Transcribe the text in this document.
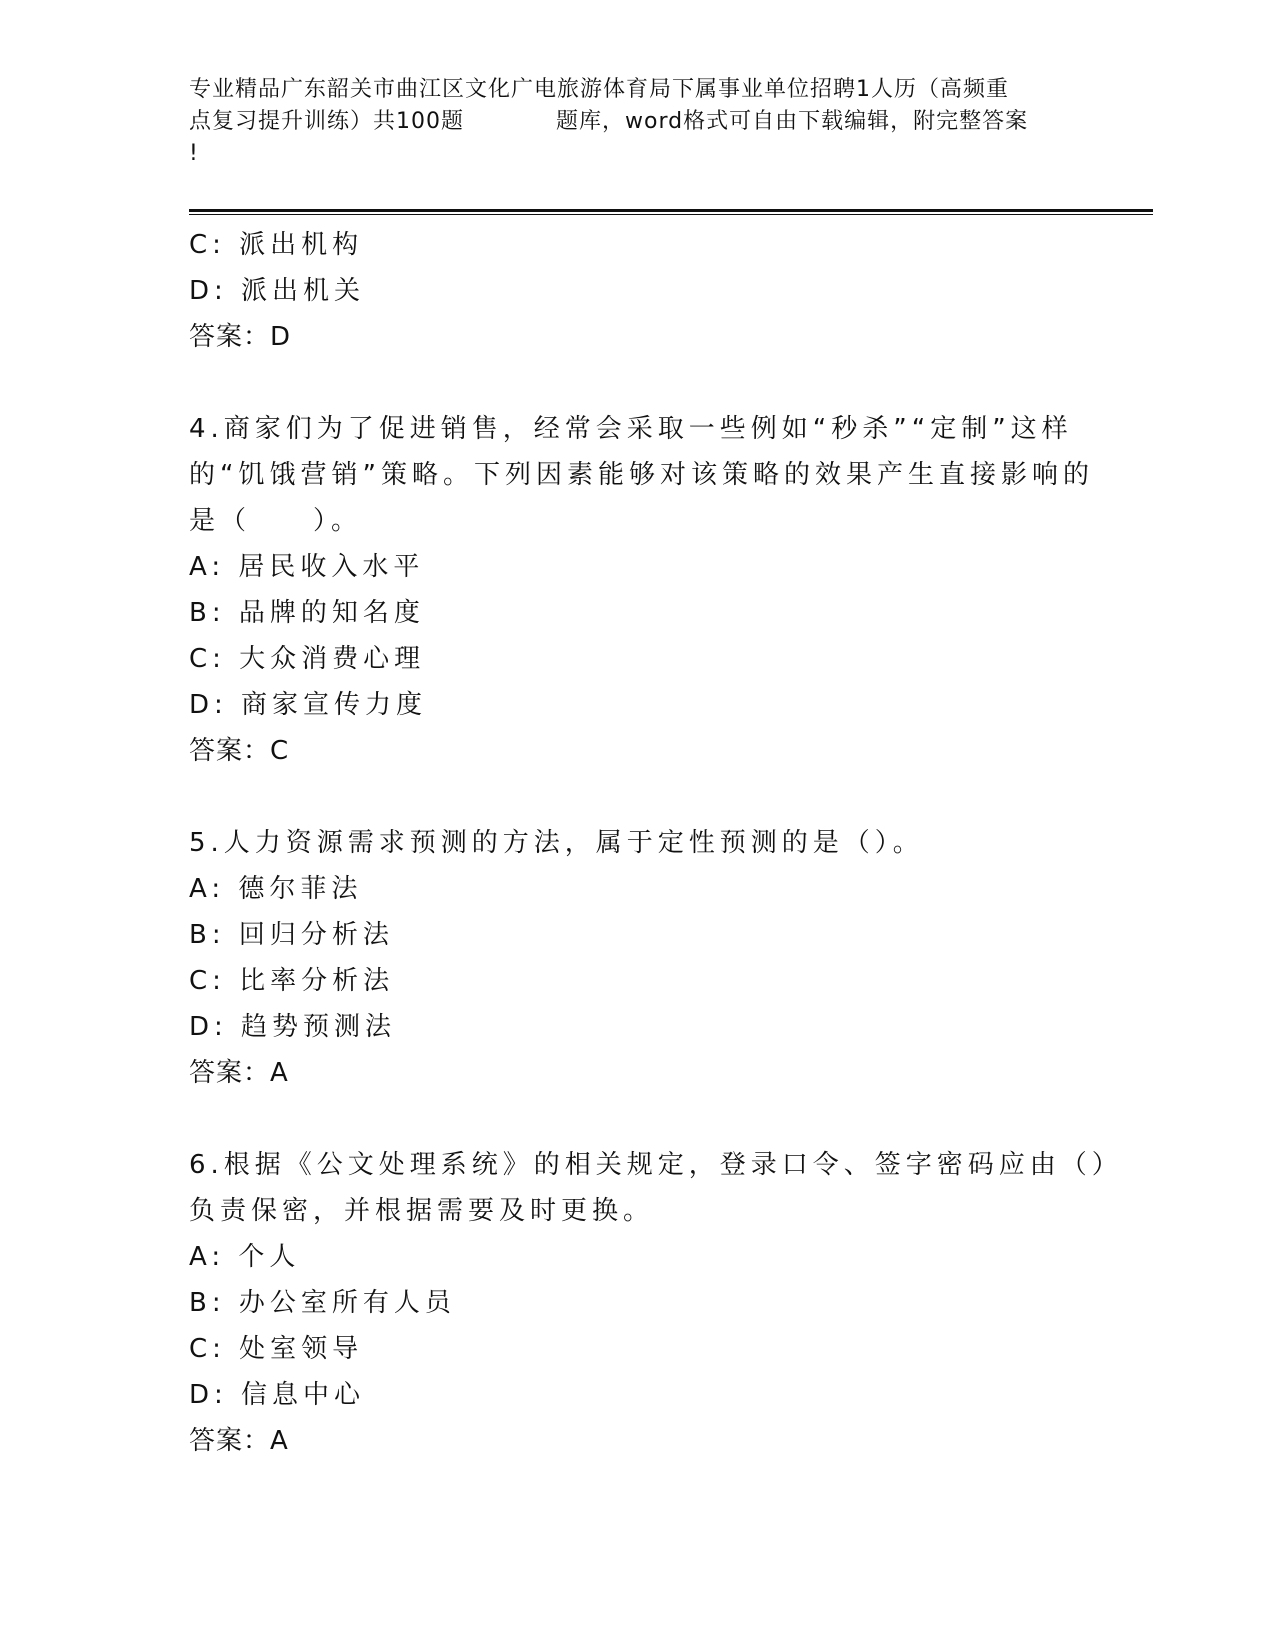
专业精品广东韶关市曲江区文化广电旅游体育局下属事业单位招聘1人历（高频重
点复习提升训练）共100题　　　　题库，word格式可自由下载编辑，附完整答案
!
C: 派出机构
D: 派出机关
答案：D
4.商家们为了促进销售，经常会采取一些例如“秒杀”“定制”这样
的“饥饿营销”策略。下列因素能够对该策略的效果产生直接影响的
是（　　）。
A: 居民收入水平
B: 品牌的知名度
C: 大众消费心理
D: 商家宣传力度
答案：C
5.人力资源需求预测的方法，属于定性预测的是（）。
A: 德尔菲法
B: 回归分析法
C: 比率分析法
D: 趋势预测法
答案：A
6.根据《公文处理系统》的相关规定，登录口令、签字密码应由（）
负责保密，并根据需要及时更换。
A: 个人
B: 办公室所有人员
C: 处室领导
D: 信息中心
答案：A
